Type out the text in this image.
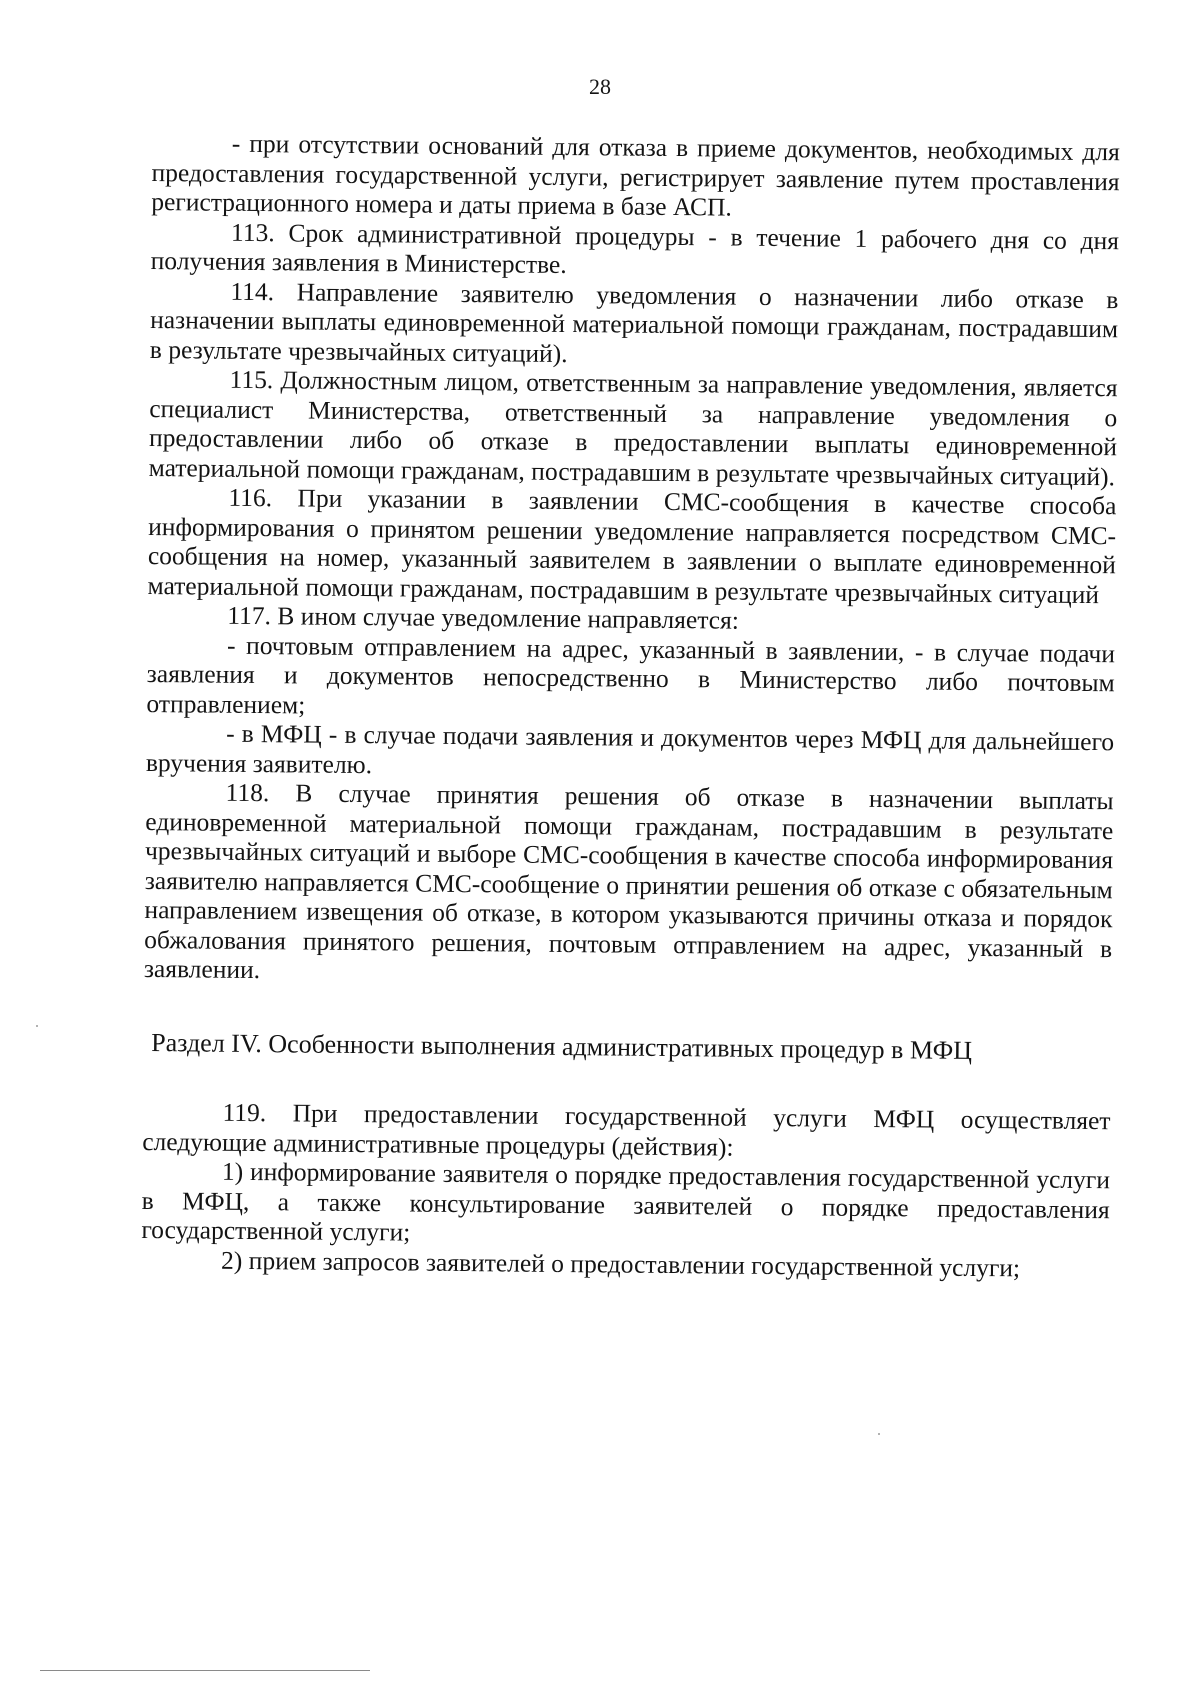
28

- при отсутствии оснований для отказа в приеме документов, необходимых для предоставления государственной услуги, регистрирует заявление путем проставления регистрационного номера и даты приема в базе АСП.

113. Срок административной процедуры - в течение 1 рабочего дня со дня получения заявления в Министерстве.

114. Направление заявителю уведомления о назначении либо отказе в назначении выплаты единовременной материальной помощи гражданам, пострадавшим в результате чрезвычайных ситуаций).

115. Должностным лицом, ответственным за направление уведомления, является специалист Министерства, ответственный за направление уведомления о предоставлении либо об отказе в предоставлении выплаты единовременной материальной помощи гражданам, пострадавшим в результате чрезвычайных ситуаций).

116. При указании в заявлении СМС-сообщения в качестве способа информирования о принятом решении уведомление направляется посредством СМС-сообщения на номер, указанный заявителем в заявлении о выплате единовременной материальной помощи гражданам, пострадавшим в результате чрезвычайных ситуаций

117. В ином случае уведомление направляется:

- почтовым отправлением на адрес, указанный в заявлении, - в случае подачи заявления и документов непосредственно в Министерство либо почтовым отправлением;

- в МФЦ - в случае подачи заявления и документов через МФЦ для дальнейшего вручения заявителю.

118. В случае принятия решения об отказе в назначении выплаты единовременной материальной помощи гражданам, пострадавшим в результате чрезвычайных ситуаций и выборе СМС-сообщения в качестве способа информирования заявителю направляется СМС-сообщение о принятии решения об отказе с обязательным направлением извещения об отказе, в котором указываются причины отказа и порядок обжалования принятого решения, почтовым отправлением на адрес, указанный в заявлении.

Раздел IV. Особенности выполнения административных процедур в МФЦ

119. При предоставлении государственной услуги МФЦ осуществляет следующие административные процедуры (действия):

1) информирование заявителя о порядке предоставления государственной услуги в МФЦ, а также консультирование заявителей о порядке предоставления государственной услуги;

2) прием запросов заявителей о предоставлении государственной услуги;
